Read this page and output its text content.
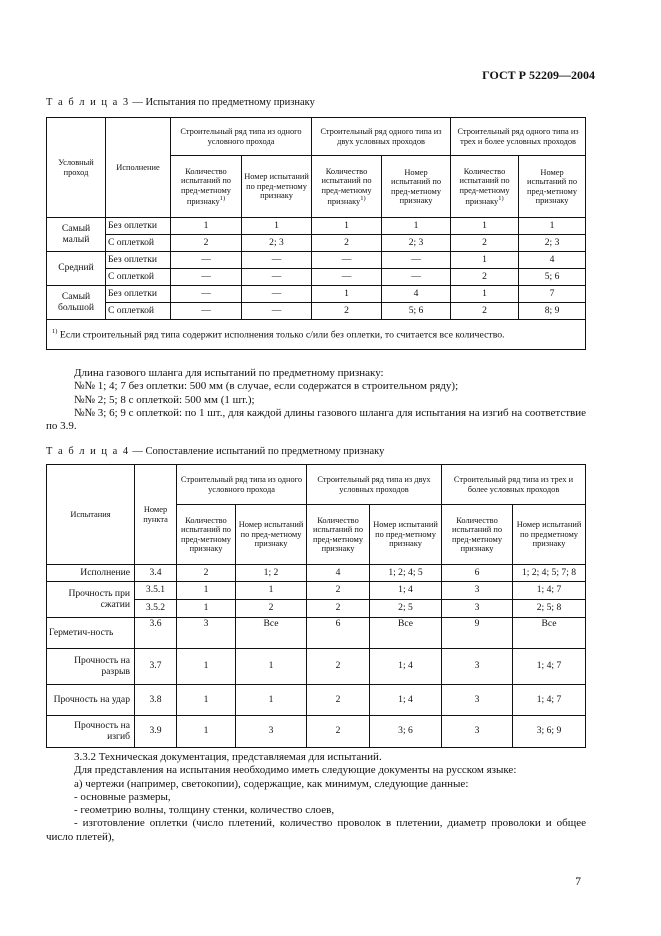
ГОСТ Р 52209—2004
Т а б л и ц а 3 — Испытания по предметному признаку
Условный проход	Исполнение	Строительный ряд типа из одного условного прохода		Строительный ряд одного типа из двух условных проходов		Строительный ряд одного типа из трех и более условных проходов	
		Количество испытаний по пред-метному признаку$^{1)}$	Номер испытаний по пред-метному признаку	Количество испытаний по пред-метному признаку$^{1)}$	Номер испытаний по пред-метному признаку	Количество испытаний по пред-метному признаку$^{1)}$	Номер испытаний по пред-метному признаку
Самый малый	Без оплетки	1	1	1	1	1	1
	С оплеткой	2	2; 3	2	2; 3	2	2; 3
Средний	Без оплетки	—	—	—	—	1	4
	С оплеткой	—	—	—	—	2	5; 6
Самый большой	Без оплетки	—	—	1	4	1	7
	С оплеткой	—	—	2	5; 6	2	8; 9
$^{1)}$ Если строительный ряд типа содержит исполнения только с/или без оплетки, то считается все количество.							

Длина газового шланга для испытаний по предметному признаку:

№№ 1; 4; 7 без оплетки: 500 мм (в случае, если содержатся в строительном ряду);

№№ 2; 5; 8 с оплеткой: 500 мм (1 шт.);

№№ 3; 6; 9 с оплеткой: по 1 шт., для каждой длины газового шланга для испытания на изгиб на соответствие по 3.9.

Т а б л и ц а 4 — Сопоставление испытаний по предметному признаку
Испытания	Номер пункта	Строительный ряд типа из одного условного прохода		Строительный ряд типа из двух условных проходов		Строительный ряд типа из трех и более условных проходов	
		Количество испытаний по пред-метному признаку	Номер испытаний по пред-метному признаку	Количество испытаний по пред-метному признаку	Номер испытаний по пред-метному признаку	Количество испытаний по пред-метному признаку	Номер испытаний по предметному признаку
Исполнение	3.4	2	1; 2	4	1; 2; 4; 5	6	1; 2; 4; 5; 7; 8
Прочность при сжатии	3.5.1	1	1	2	1; 4	3	1; 4; 7
	3.5.2	1	2	2	2; 5	3	2; 5; 8
Герметич-ность	3.6	3	Все	6	Все	9	Все
Прочность на разрыв	3.7	1	1	2	1; 4	3	1; 4; 7
Прочность на удар	3.8	1	1	2	1; 4	3	1; 4; 7
Прочность на изгиб	3.9	1	3	2	3; 6	3	3; 6; 9

3.3.2 Техническая документация, представляемая для испытаний.

Для представления на испытания необходимо иметь следующие документы на русском языке:

а) чертежи (например, светокопии), содержащие, как минимум, следующие данные:

- основные размеры,

- геометрию волны, толщину стенки, количество слоев,

- изготовление оплетки (число плетений, количество проволок в плетении, диаметр проволоки и общее число плетей),

7
